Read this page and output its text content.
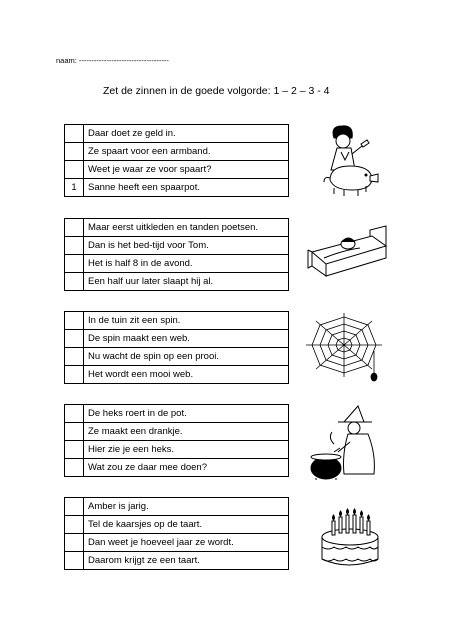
naam: ------------------------------------
Zet de zinnen in de goede volgorde: 1 – 2 – 3 - 4
	Daar doet ze geld in.
	Ze spaart voor een armband.
	Weet je waar ze voor spaart?
1	Sanne heeft een spaarpot.
	Maar eerst uitkleden en tanden poetsen.
	Dan is het bed-tijd voor Tom.
	Het is half 8 in de avond.
	Een half uur later slaapt hij al.
	In de tuin zit een spin.
	De spin maakt een web.
	Nu wacht de spin op een prooi.
	Het wordt een mooi web.
	De heks roert in de pot.
	Ze maakt een drankje.
	Hier zie je een heks.
	Wat zou ze daar mee doen?
	Amber is jarig.
	Tel de kaarsjes op de taart.
	Dan weet je hoeveel jaar ze wordt.
	Daarom krijgt ze een taart.
